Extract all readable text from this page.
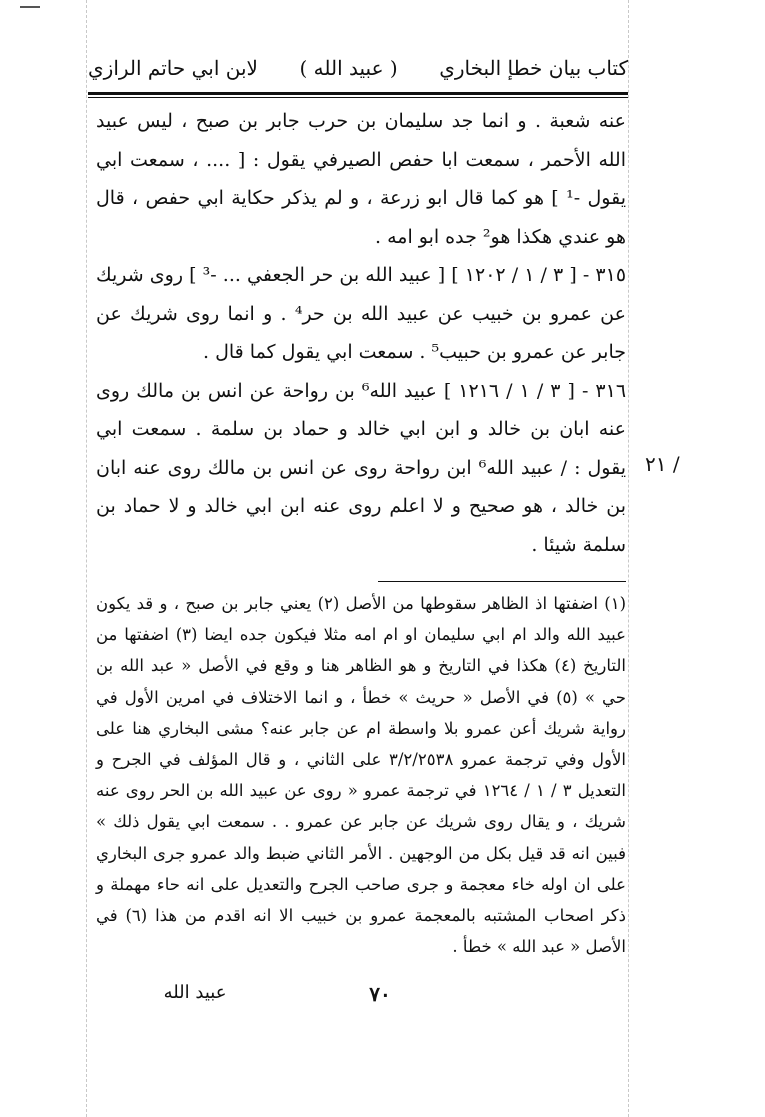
كتاب بيان خطإ البخاري
( عبيد الله )
لابن ابي حاتم الرازي

عنه شعبة . و انما جد سليمان بن حرب جابر بن صبح ، ليس عبيد الله الأحمر ، سمعت ابا حفص الصيرفي يقول : [ .... ، سمعت ابي يقول -¹ ] هو كما قال ابو زرعة ، و لم يذكر حكاية ابي حفص ، قال هو عندي هكذا هو² جده ابو امه .

٣١٥ - [ ٣ / ١ / ١٢٠٢ ] [ عبيد الله بن حر الجعفي ... -³ ] روى شريك عن عمرو بن خبيب عن عبيد الله بن حر⁴ . و انما روى شريك عن جابر عن عمرو بن حبيب⁵ . سمعت ابي يقول كما قال .

٣١٦ - [ ٣ / ١ / ١٢١٦ ] عبيد الله⁶ بن رواحة عن انس بن مالك روى عنه ابان بن خالد و ابن ابي خالد و حماد بن سلمة . سمعت ابي يقول : / عبيد الله⁶ ابن رواحة روى عن انس بن مالك روى عنه ابان بن خالد ، هو صحيح و لا اعلم روى عنه ابن ابي خالد و لا حماد بن سلمة شيئا .

٢١ /

(١) اضفتها اذ الظاهر سقوطها من الأصل (٢) يعني جابر بن صبح ، و قد يكون عبيد الله والد ام ابي سليمان او ام امه مثلا فيكون جده ايضا (٣) اضفتها من التاريخ (٤) هكذا في التاريخ و هو الظاهر هنا و وقع في الأصل « عبد الله بن حي » (٥) في الأصل « حريث » خطأ ، و انما الاختلاف في امرين الأول في رواية شريك أعن عمرو بلا واسطة ام عن جابر عنه؟ مشى البخاري هنا على الأول وفي ترجمة عمرو ٣/٢/٢٥٣٨ على الثاني ، و قال المؤلف في الجرح و التعديل ٣ / ١ / ١٢٦٤ في ترجمة عمرو « روى عن عبيد الله بن الحر روى عنه شريك ، و يقال روى شريك عن جابر عن عمرو . . سمعت ابي يقول ذلك » فبين انه قد قيل بكل من الوجهين . الأمر الثاني ضبط والد عمرو جرى البخاري على ان اوله خاء معجمة و جرى صاحب الجرح والتعديل على انه حاء مهملة و ذكر اصحاب المشتبه بالمعجمة عمرو بن خبيب الا انه اقدم من هذا (٦) في الأصل « عبد الله » خطأ .

٧٠
عبيد الله
